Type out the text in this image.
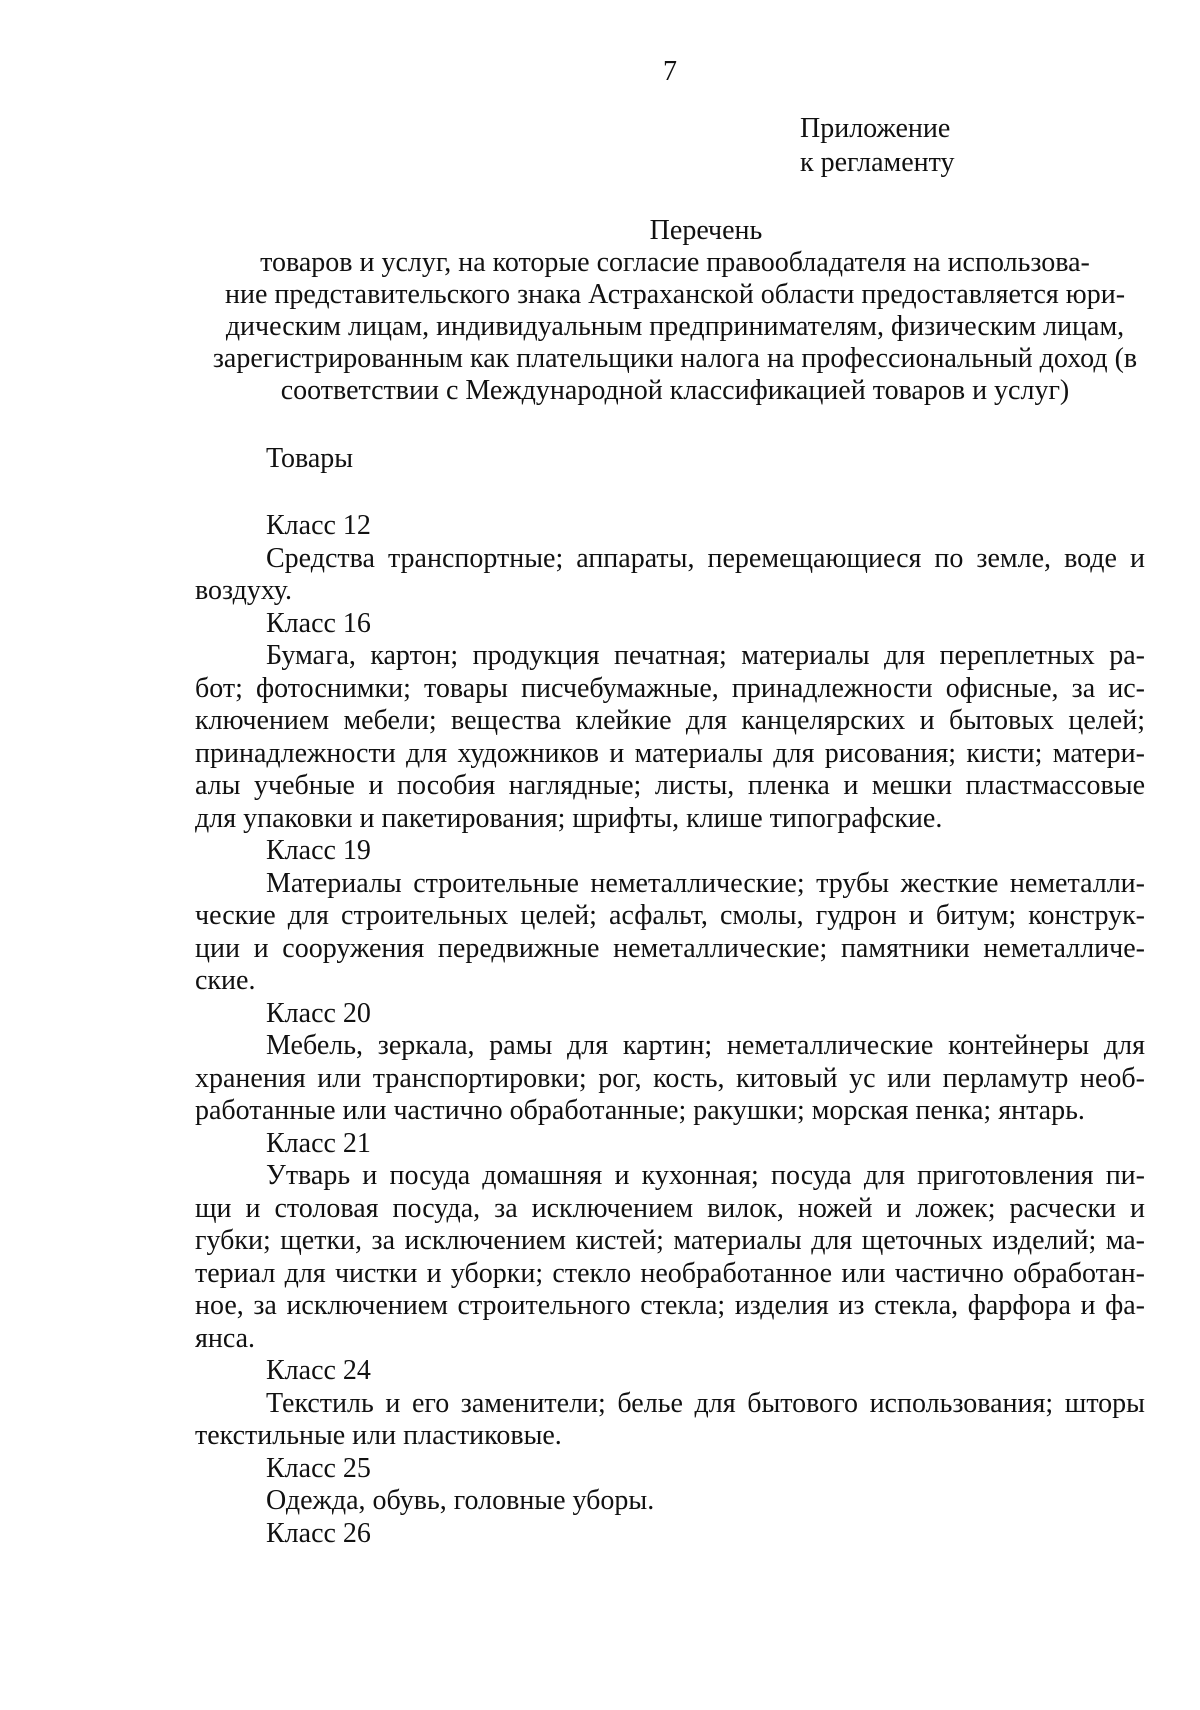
7
Приложение
к регламенту
Перечень
товаров и услуг, на которые согласие правообладателя на использова-
ние представительского знака Астраханской области предоставляется юри-
дическим лицам, индивидуальным предпринимателям, физическим лицам,
зарегистрированным как плательщики налога на профессиональный доход (в
соответствии с Международной классификацией товаров и услуг)
Товары
Класс 12
Средства транспортные; аппараты, перемещающиеся по земле, воде и
воздуху.
Класс 16
Бумага, картон; продукция печатная; материалы для переплетных ра-
бот; фотоснимки; товары писчебумажные, принадлежности офисные, за ис-
ключением мебели; вещества клейкие для канцелярских и бытовых целей;
принадлежности для художников и материалы для рисования; кисти; матери-
алы учебные и пособия наглядные; листы, пленка и мешки пластмассовые
для упаковки и пакетирования; шрифты, клише типографские.
Класс 19
Материалы строительные неметаллические; трубы жесткие неметалли-
ческие для строительных целей; асфальт, смолы, гудрон и битум; конструк-
ции и сооружения передвижные неметаллические; памятники неметалличе-
ские.
Класс 20
Мебель, зеркала, рамы для картин; неметаллические контейнеры для
хранения или транспортировки; рог, кость, китовый ус или перламутр необ-
работанные или частично обработанные; ракушки; морская пенка; янтарь.
Класс 21
Утварь и посуда домашняя и кухонная; посуда для приготовления пи-
щи и столовая посуда, за исключением вилок, ножей и ложек; расчески и
губки; щетки, за исключением кистей; материалы для щеточных изделий; ма-
териал для чистки и уборки; стекло необработанное или частично обработан-
ное, за исключением строительного стекла; изделия из стекла, фарфора и фа-
янса.
Класс 24
Текстиль и его заменители; белье для бытового использования; шторы
текстильные или пластиковые.
Класс 25
Одежда, обувь, головные уборы.
Класс 26
